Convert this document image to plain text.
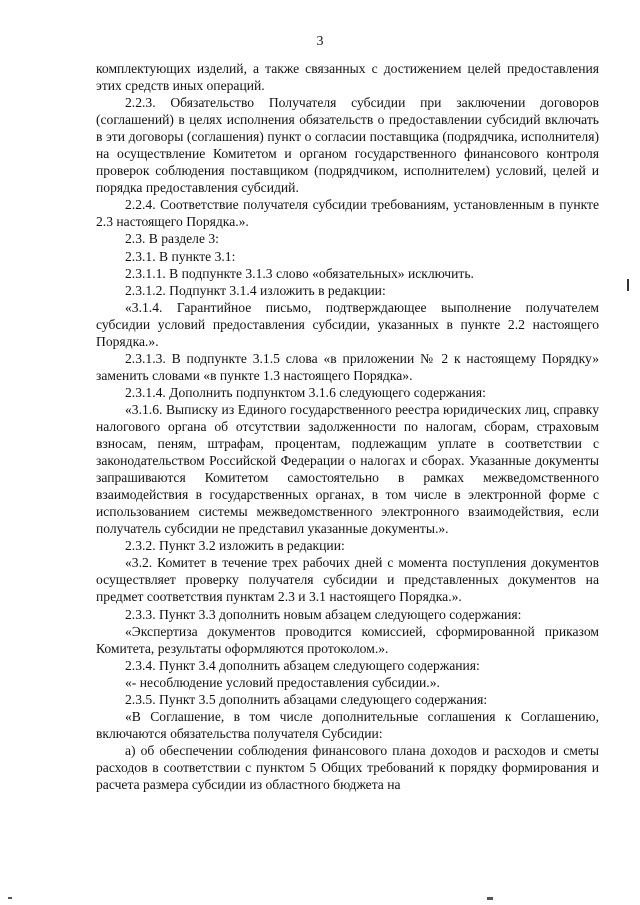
3

комплектующих изделий, а также связанных с достижением целей предоставления этих средств иных операций.

2.2.3. Обязательство Получателя субсидии при заключении договоров (соглашений) в целях исполнения обязательств о предоставлении субсидий включать в эти договоры (соглашения) пункт о согласии поставщика (подрядчика, исполнителя) на осуществление Комитетом и органом государственного финансового контроля проверок соблюдения поставщиком (подрядчиком, исполнителем) условий, целей и порядка предоставления субсидий.

2.2.4. Соответствие получателя субсидии требованиям, установленным в пункте 2.3 настоящего Порядка.».

2.3. В разделе 3:

2.3.1. В пункте 3.1:

2.3.1.1. В подпункте 3.1.3 слово «обязательных» исключить.

2.3.1.2. Подпункт 3.1.4 изложить в редакции:

«3.1.4. Гарантийное письмо, подтверждающее выполнение получателем субсидии условий предоставления субсидии, указанных в пункте 2.2 настоящего Порядка.».

2.3.1.3. В подпункте 3.1.5 слова «в приложении № 2 к настоящему Порядку» заменить словами «в пункте 1.3 настоящего Порядка».

2.3.1.4. Дополнить подпунктом 3.1.6 следующего содержания:

«3.1.6. Выписку из Единого государственного реестра юридических лиц, справку налогового органа об отсутствии задолженности по налогам, сборам, страховым взносам, пеням, штрафам, процентам, подлежащим уплате в соответствии с законодательством Российской Федерации о налогах и сборах. Указанные документы запрашиваются Комитетом самостоятельно в рамках межведомственного взаимодействия в государственных органах, в том числе в электронной форме с использованием системы межведомственного электронного взаимодействия, если получатель субсидии не представил указанные документы.».

2.3.2. Пункт 3.2 изложить в редакции:

«3.2. Комитет в течение трех рабочих дней с момента поступления документов осуществляет проверку получателя субсидии и представленных документов на предмет соответствия пунктам 2.3 и 3.1 настоящего Порядка.».

2.3.3. Пункт 3.3 дополнить новым абзацем следующего содержания:

«Экспертиза документов проводится комиссией, сформированной приказом Комитета, результаты оформляются протоколом.».

2.3.4. Пункт 3.4 дополнить абзацем следующего содержания:

«- несоблюдение условий предоставления субсидии.».

2.3.5. Пункт 3.5 дополнить абзацами следующего содержания:

«В Соглашение, в том числе дополнительные соглашения к Соглашению, включаются обязательства получателя Субсидии:

а) об обеспечении соблюдения финансового плана доходов и расходов и сметы расходов в соответствии с пунктом 5 Общих требований к порядку формирования и расчета размера субсидии из областного бюджета на
